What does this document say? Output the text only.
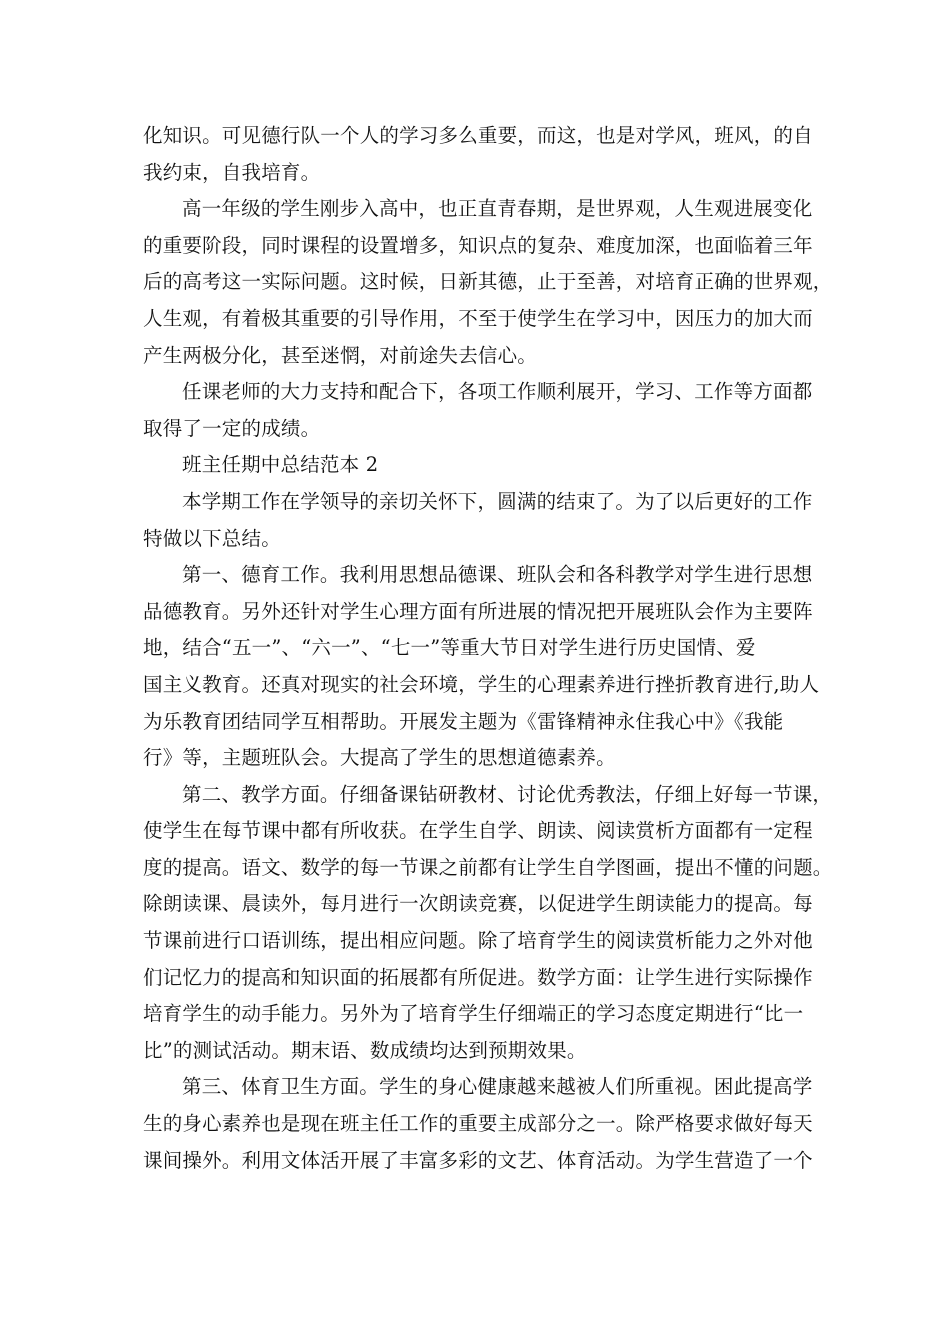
化知识。可见德行队一个人的学习多么重要，而这，也是对学风，班风，的自
我约束，自我培育。
高一年级的学生刚步入高中，也正直青春期，是世界观，人生观进展变化
的重要阶段，同时课程的设置增多，知识点的复杂、难度加深，也面临着三年
后的高考这一实际问题。这时候，日新其德，止于至善，对培育正确的世界观，
人生观，有着极其重要的引导作用，不至于使学生在学习中，因压力的加大而
产生两极分化，甚至迷惘，对前途失去信心。
任课老师的大力支持和配合下，各项工作顺利展开，学习、工作等方面都
取得了一定的成绩。
班主任期中总结范本 2
本学期工作在学领导的亲切关怀下，圆满的结束了。为了以后更好的工作
特做以下总结。
第一、德育工作。我利用思想品德课、班队会和各科教学对学生进行思想
品德教育。另外还针对学生心理方面有所进展的情况把开展班队会作为主要阵
地，结合“五一”、“六一”、“七一”等重大节日对学生进行历史国情、爱
国主义教育。还真对现实的社会环境，学生的心理素养进行挫折教育进行,助人
为乐教育团结同学互相帮助。开展发主题为《雷锋精神永住我心中》《我能
行》等，主题班队会。大提高了学生的思想道德素养。
第二、教学方面。仔细备课钻研教材、讨论优秀教法，仔细上好每一节课，
使学生在每节课中都有所收获。在学生自学、朗读、阅读赏析方面都有一定程
度的提高。语文、数学的每一节课之前都有让学生自学图画，提出不懂的问题。
除朗读课、晨读外，每月进行一次朗读竞赛，以促进学生朗读能力的提高。每
节课前进行口语训练，提出相应问题。除了培育学生的阅读赏析能力之外对他
们记忆力的提高和知识面的拓展都有所促进。数学方面：让学生进行实际操作
培育学生的动手能力。另外为了培育学生仔细端正的学习态度定期进行“比一
比”的测试活动。期末语、数成绩均达到预期效果。
第三、体育卫生方面。学生的身心健康越来越被人们所重视。困此提高学
生的身心素养也是现在班主任工作的重要主成部分之一。除严格要求做好每天
课间操外。利用文体活开展了丰富多彩的文艺、体育活动。为学生营造了一个
